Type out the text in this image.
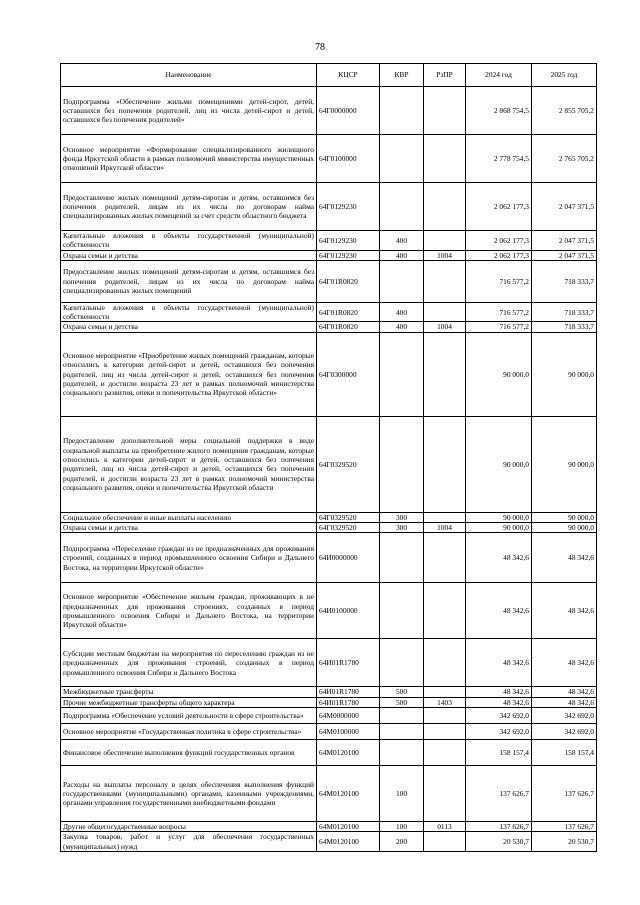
78
Наименование	КЦСР	КВР	РзПР	2024 год	2025 год
Подпрограмма «Обеспечение жильми помещениями детей-сирот, детей, оставшихся без попечения родителей, лиц из числа детей-сирот и детей, оставшихся без попечения родителей»	64Г0000000			2 868 754,5	2 855 705,2
Основное мероприятие «Формирование специализированного жилищного фонда Иркутской области в рамках полномочий министерства имущественных отношений Иркутской области»	64Г0100000			2 778 754,5	2 765 705,2
Предоставление жилых помещений детям-сиротам и детям, оставшимся без попечения родителей, лицам из их числа по договорам найма специализированных жилых помещений за счет средств областного бюджета	64Г0129230			2 062 177,3	2 047 371,5
Капитальные вложения в объекты государственной (муниципальной) собственности	64Г0129230	400		2 062 177,3	2 047 371,5
Охрана семьи и детства	64Г0129230	400	1004	2 062 177,3	2 047 371,5
Предоставление жилых помещений детям-сиротам и детям, оставшимся без попечения родителей, лицам из их числа по договорам найма специализированных жилых помещений	64Г01R0820			716 577,2	718 333,7
Капитальные вложения в объекты государственной (муниципальной) собственности	64Г01R0820	400		716 577,2	718 333,7
Охрана семьи и детства	64Г01R0820	400	1004	716 577,2	718 333,7
Основное мероприятие «Приобретение жилых помещений гражданам, которые относились к категории детей-сирот и детей, оставшихся без попечения родителей, лиц из числа детей-сирот и детей, оставшихся без попечения родителей, и достигли возраста 23 лет в рамках полномочий министерства социального развития, опеки и попечительства Иркутской области»	64Г0300000			90 000,0	90 000,0
Предоставление дополнительной меры социальной поддержки в виде социальной выплаты на приобретение жилого помещения гражданам, которые относились к категории детей-сирот и детей, оставшихся без попечения родителей, лиц из числа детей-сирот и детей, оставшихся без попечения родителей, и достигли возраста 23 лет в рамках полномочий министерства социального развития, опеки и попечительства Иркутской области	64Г0329520			90 000,0	90 000,0
Социальное обеспечение и иные выплаты населению	64Г0329520	300		90 000,0	90 000,0
Охрана семьи и детства	64Г0329520	300	1004	90 000,0	90 000,0
Подпрограмма «Переселение граждан из не предназначенных для проживания строений, созданных в период промышленного освоения Сибири и Дальнего Востока, на территории Иркутской области»	64И0000000			48 342,6	48 342,6
Основное мероприятие «Обеспечение жильем граждан, проживающих в не предназначенных для проживания строениях, созданных в период промышленного освоения Сибири и Дальнего Востока, на территории Иркутской области»	64И0100000			48 342,6	48 342,6
Субсидии местным бюджетам на мероприятия по переселению граждан из не предназначенных для проживания строений, созданных в период промышленного освоения Сибири и Дальнего Востока	64И01R1780			48 342,6	48 342,6
Межбюджетные трансферты	64И01R1780	500		48 342,6	48 342,6
Прочие межбюджетные трансферты общего характера	64И01R1780	500	1403	48 342,6	48 342,6
Подпрограмма «Обеспечение условий деятельности в сфере строительства»	64М0000000			342 692,0	342 692,0
Основное мероприятие «Государственная политика в сфере строительства»	64М0100000			342 692,0	342 692,0
Финансовое обеспечение выполнения функций государственных органов	64М0120100			158 157,4	158 157,4
Расходы на выплаты персоналу в целях обеспечения выполнения функций государственными (муниципальными) органами, казенными учреждениями, органами управления государственными внебюджетными фондами	64М0120100	100		137 626,7	137 626,7
Другие общегосударственные вопросы	64М0120100	100	0113	137 626,7	137 626,7
Закупка товаров, работ и услуг для обеспечения государственных (муниципальных) нужд	64М0120100	200		20 530,7	20 530,7
